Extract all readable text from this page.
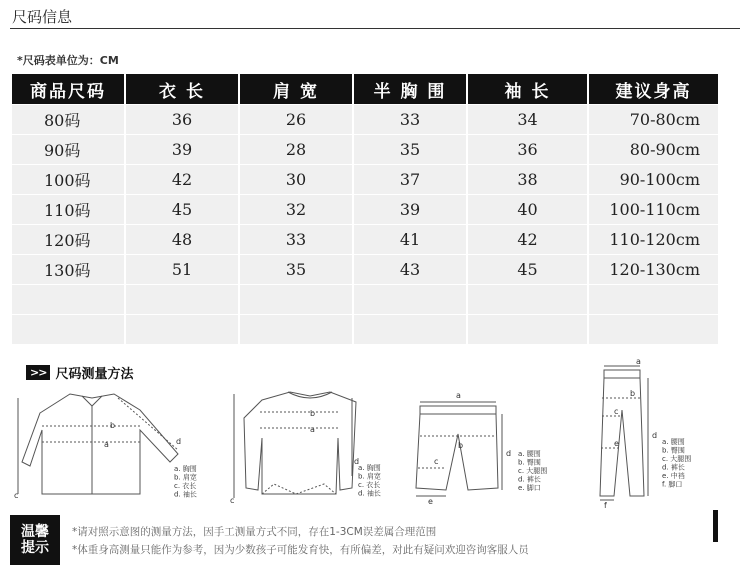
尺码信息
*尺码表单位为：CM
商品尺码	衣 长	肩 宽	半 胸 围	袖 长	建议身高
80码	36	26	33	34	70-80cm
90码	39	28	35	36	80-90cm
100码	42	30	37	38	90-100cm
110码	45	32	39	40	100-110cm
120码	48	33	41	42	110-120cm
130码	51	35	43	45	120-130cm

>> 尺码测量方法
b
a
c
d
a. 胸围
b. 肩宽
c. 衣长
d. 袖长
b
a
c
d
a. 胸围
b. 肩宽
c. 衣长
d. 袖长
a
b
c
d
e
a. 腰围
b. 臀围
c. 大腿围
d. 裤长
e. 脚口
a
b
c
d
e
f
a. 腰围
b. 臀围
c. 大腿围
d. 裤长
e. 中裆
f. 脚口
温馨
提示
*请对照示意图的测量方法，因手工测量方式不同，存在1-3CM误差属合理范围
*体重身高测量只能作为参考，因为少数孩子可能发育快，有所偏差，对此有疑问欢迎咨询客服人员
